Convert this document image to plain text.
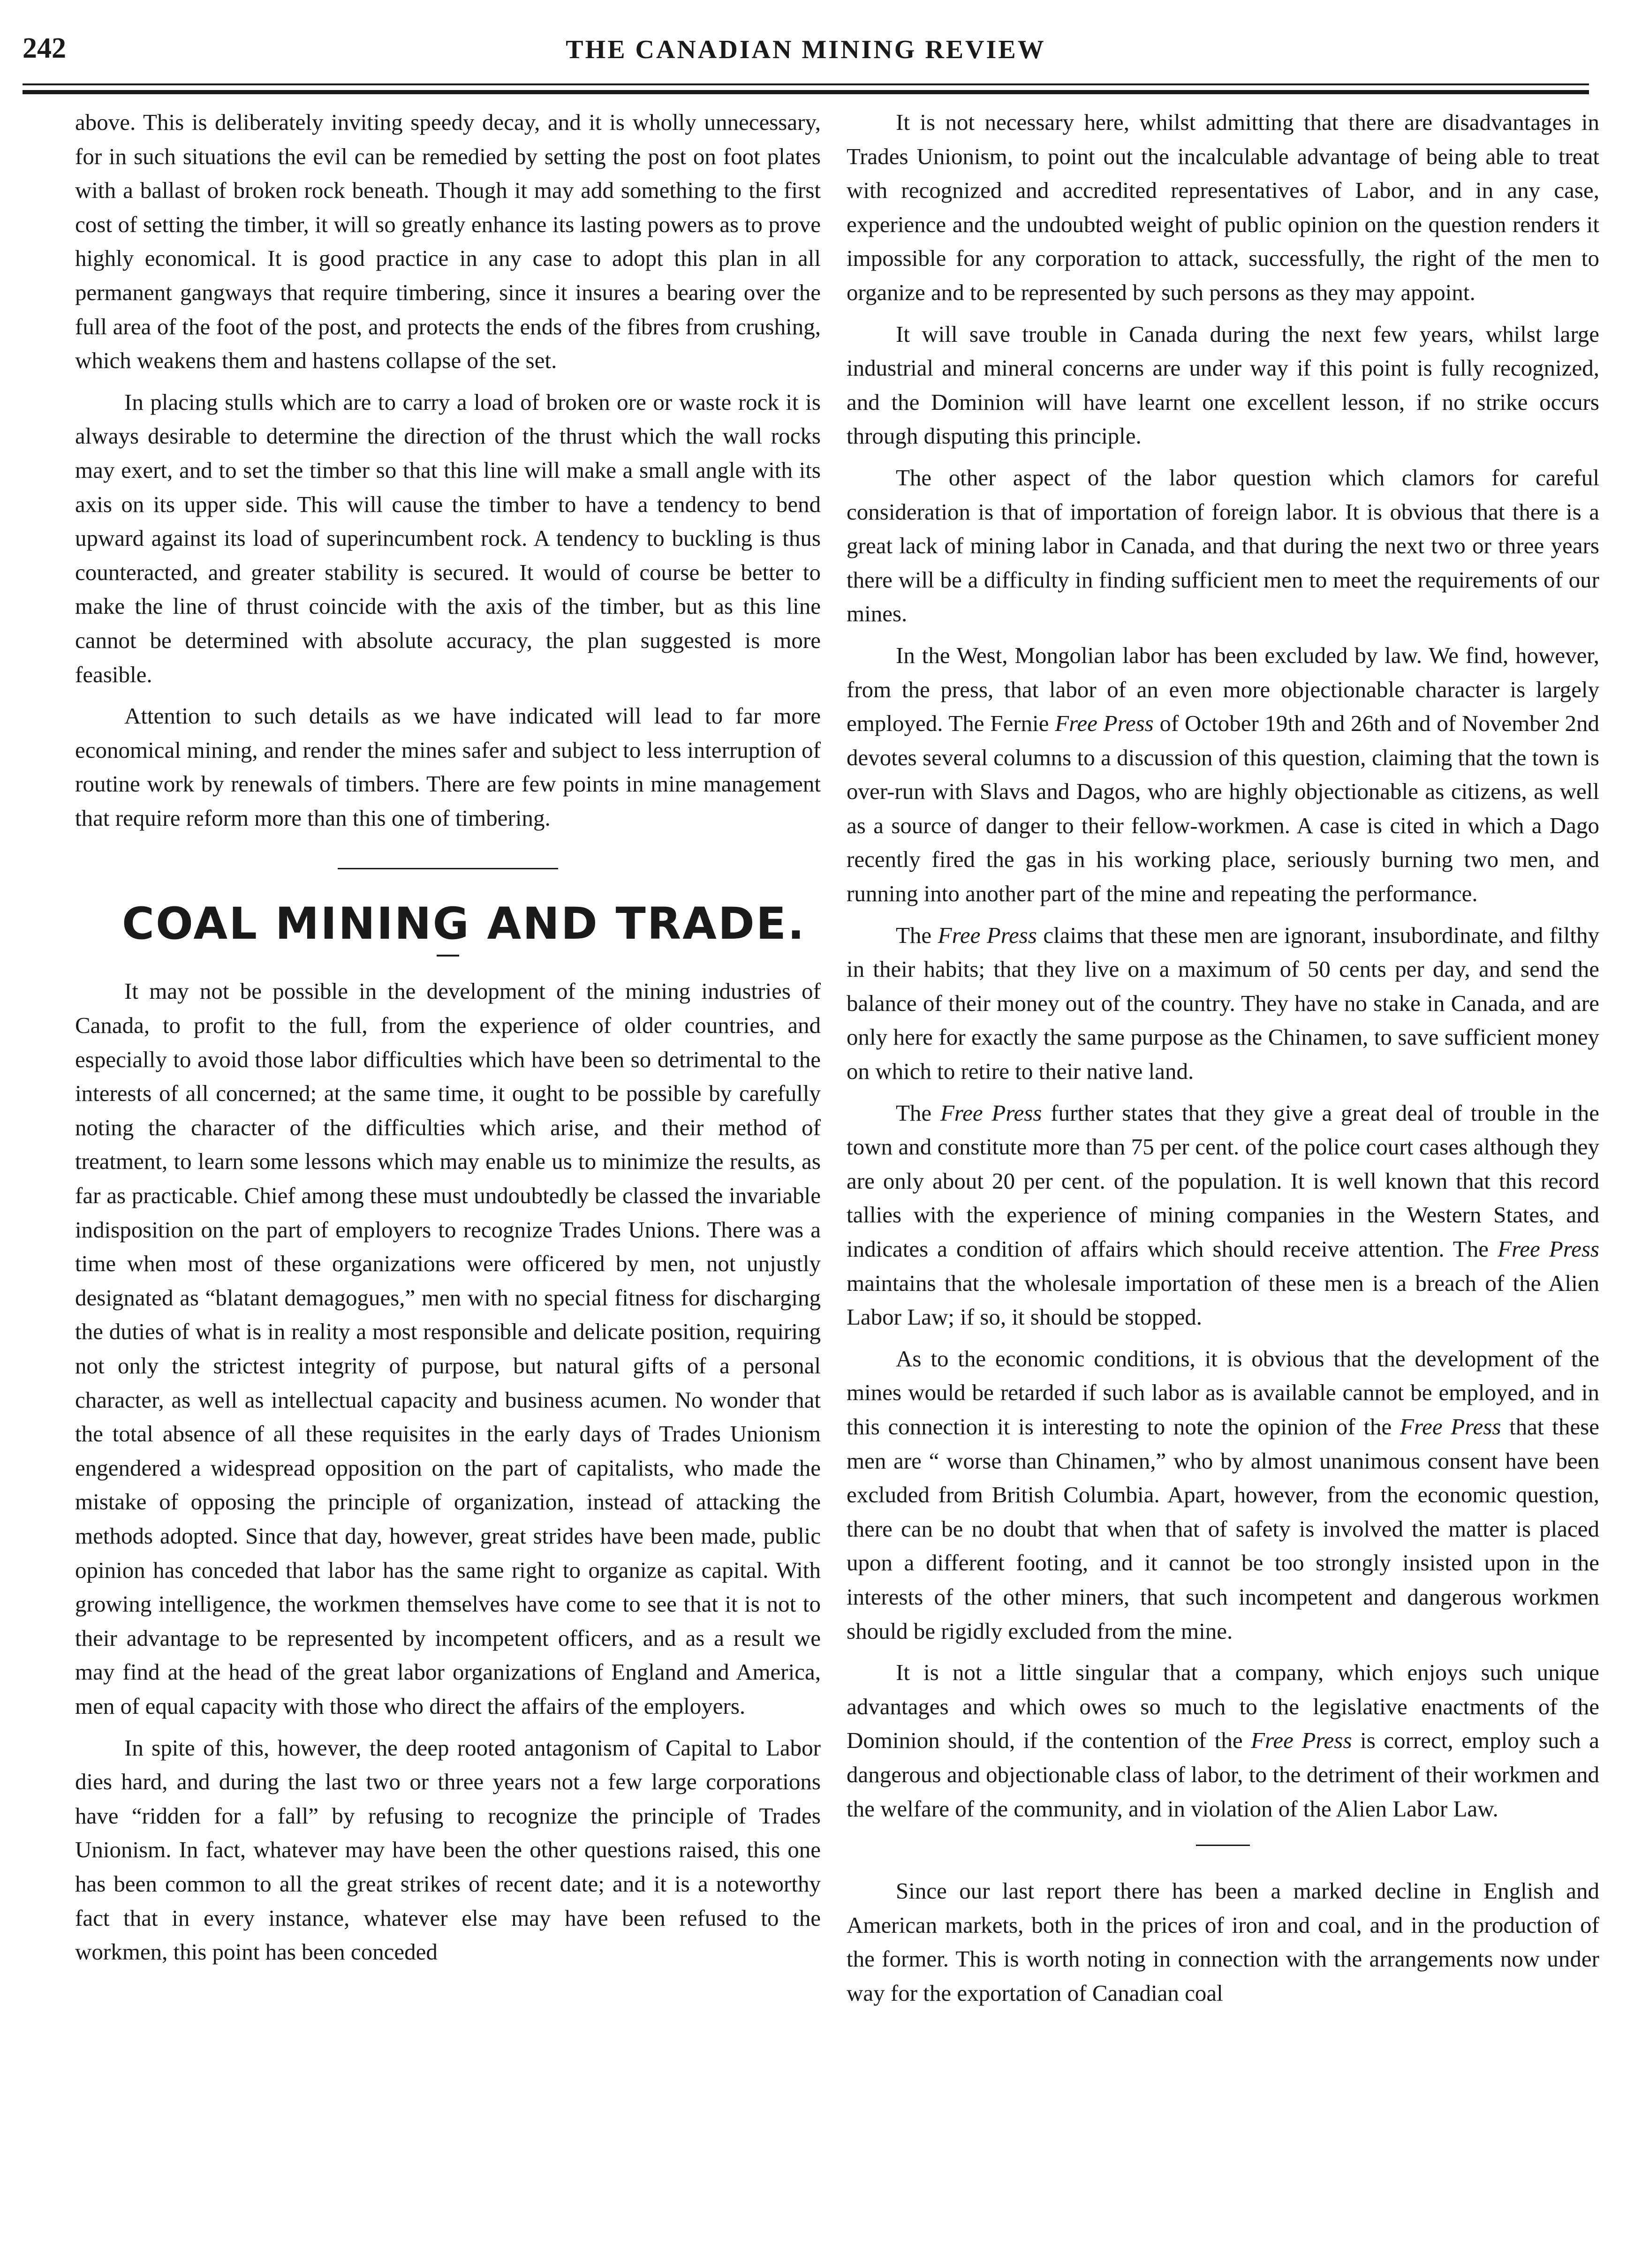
242	THE CANADIAN MINING REVIEW

above. This is deliberately inviting speedy decay, and it is wholly unnecessary, for in such situations the evil can be remedied by setting the post on foot plates with a ballast of broken rock beneath. Though it may add something to the first cost of setting the timber, it will so greatly enhance its lasting powers as to prove highly economical. It is good practice in any case to adopt this plan in all permanent gangways that require timbering, since it insures a bearing over the full area of the foot of the post, and protects the ends of the fibres from crushing, which weakens them and hastens collapse of the set.

In placing stulls which are to carry a load of broken ore or waste rock it is always desirable to determine the direction of the thrust which the wall rocks may exert, and to set the timber so that this line will make a small angle with its axis on its upper side. This will cause the timber to have a tendency to bend upward against its load of superincumbent rock. A tendency to buckling is thus counteracted, and greater stability is secured. It would of course be better to make the line of thrust coincide with the axis of the timber, but as this line cannot be determined with absolute accuracy, the plan suggested is more feasible.

Attention to such details as we have indicated will lead to far more economical mining, and render the mines safer and subject to less interruption of routine work by renewals of timbers. There are few points in mine management that require reform more than this one of timbering.

COAL MINING AND TRADE.

It may not be possible in the development of the mining industries of Canada, to profit to the full, from the experience of older countries, and especially to avoid those labor difficulties which have been so detrimental to the interests of all concerned; at the same time, it ought to be possible by carefully noting the character of the difficulties which arise, and their method of treatment, to learn some lessons which may enable us to minimize the results, as far as practicable. Chief among these must undoubtedly be classed the invariable indisposition on the part of employers to recognize Trades Unions. There was a time when most of these organizations were officered by men, not unjustly designated as “blatant demagogues,” men with no special fitness for discharging the duties of what is in reality a most responsible and delicate position, requiring not only the strictest integrity of purpose, but natural gifts of a personal character, as well as intellectual capacity and business acumen. No wonder that the total absence of all these requisites in the early days of Trades Unionism engendered a widespread opposition on the part of capitalists, who made the mistake of opposing the principle of organization, instead of attacking the methods adopted. Since that day, however, great strides have been made, public opinion has conceded that labor has the same right to organize as capital. With growing intelligence, the workmen themselves have come to see that it is not to their advantage to be represented by incompetent officers, and as a result we may find at the head of the great labor organizations of England and America, men of equal capacity with those who direct the affairs of the employers.

In spite of this, however, the deep rooted antagonism of Capital to Labor dies hard, and during the last two or three years not a few large corporations have “ridden for a fall” by refusing to recognize the principle of Trades Unionism. In fact, whatever may have been the other questions raised, this one has been common to all the great strikes of recent date; and it is a noteworthy fact that in every instance, whatever else may have been refused to the workmen, this point has been conceded

It is not necessary here, whilst admitting that there are disadvantages in Trades Unionism, to point out the incalculable advantage of being able to treat with recognized and accredited representatives of Labor, and in any case, experience and the undoubted weight of public opinion on the question renders it impossible for any corporation to attack, successfully, the right of the men to organize and to be represented by such persons as they may appoint.

It will save trouble in Canada during the next few years, whilst large industrial and mineral concerns are under way if this point is fully recognized, and the Dominion will have learnt one excellent lesson, if no strike occurs through disputing this principle.

The other aspect of the labor question which clamors for careful consideration is that of importation of foreign labor. It is obvious that there is a great lack of mining labor in Canada, and that during the next two or three years there will be a difficulty in finding sufficient men to meet the requirements of our mines.

In the West, Mongolian labor has been excluded by law. We find, however, from the press, that labor of an even more objectionable character is largely employed. The Fernie Free Press of October 19th and 26th and of November 2nd devotes several columns to a discussion of this question, claiming that the town is over-run with Slavs and Dagos, who are highly objectionable as citizens, as well as a source of danger to their fellow-workmen. A case is cited in which a Dago recently fired the gas in his working place, seriously burning two men, and running into another part of the mine and repeating the performance.

The Free Press claims that these men are ignorant, insubordinate, and filthy in their habits; that they live on a maximum of 50 cents per day, and send the balance of their money out of the country. They have no stake in Canada, and are only here for exactly the same purpose as the Chinamen, to save sufficient money on which to retire to their native land.

The Free Press further states that they give a great deal of trouble in the town and constitute more than 75 per cent. of the police court cases although they are only about 20 per cent. of the population. It is well known that this record tallies with the experience of mining companies in the Western States, and indicates a condition of affairs which should receive attention. The Free Press maintains that the wholesale importation of these men is a breach of the Alien Labor Law; if so, it should be stopped.

As to the economic conditions, it is obvious that the development of the mines would be retarded if such labor as is available cannot be employed, and in this connection it is interesting to note the opinion of the Free Press that these men are “ worse than Chinamen,” who by almost unanimous consent have been excluded from British Columbia. Apart, however, from the economic question, there can be no doubt that when that of safety is involved the matter is placed upon a different footing, and it cannot be too strongly insisted upon in the interests of the other miners, that such incompetent and dangerous workmen should be rigidly excluded from the mine.

It is not a little singular that a company, which enjoys such unique advantages and which owes so much to the legislative enactments of the Dominion should, if the contention of the Free Press is correct, employ such a dangerous and objectionable class of labor, to the detriment of their workmen and the welfare of the community, and in violation of the Alien Labor Law.

Since our last report there has been a marked decline in English and American markets, both in the prices of iron and coal, and in the production of the former. This is worth noting in connection with the arrangements now under way for the exportation of Canadian coal
